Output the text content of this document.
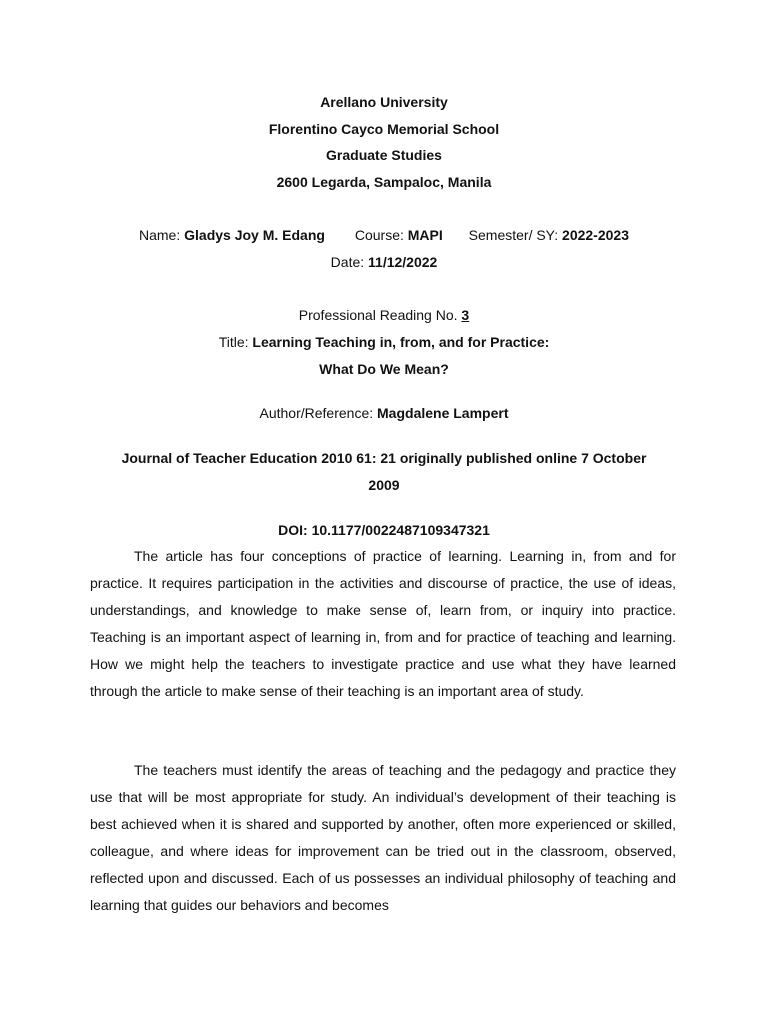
Arellano University
Florentino Cayco Memorial School
Graduate Studies
2600 Legarda, Sampaloc, Manila
Name: Gladys Joy M. Edang Course: MAPI Semester/ SY: 2022-2023
Date: 11/12/2022
Professional Reading No. 3
Title: Learning Teaching in, from, and for Practice:
What Do We Mean?
Author/Reference: Magdalene Lampert
Journal of Teacher Education 2010 61: 21 originally published online 7 October
2009
DOI: 10.1177/0022487109347321

The article has four conceptions of practice of learning. Learning in, from and for practice. It requires participation in the activities and discourse of practice, the use of ideas, understandings, and knowledge to make sense of, learn from, or inquiry into practice. Teaching is an important aspect of learning in, from and for practice of teaching and learning. How we might help the teachers to investigate practice and use what they have learned through the article to make sense of their teaching is an important area of study.

The teachers must identify the areas of teaching and the pedagogy and practice they use that will be most appropriate for study. An individual’s development of their teaching is best achieved when it is shared and supported by another, often more experienced or skilled, colleague, and where ideas for improvement can be tried out in the classroom, observed, reflected upon and discussed. Each of us possesses an individual philosophy of teaching and learning that guides our behaviors and becomes
